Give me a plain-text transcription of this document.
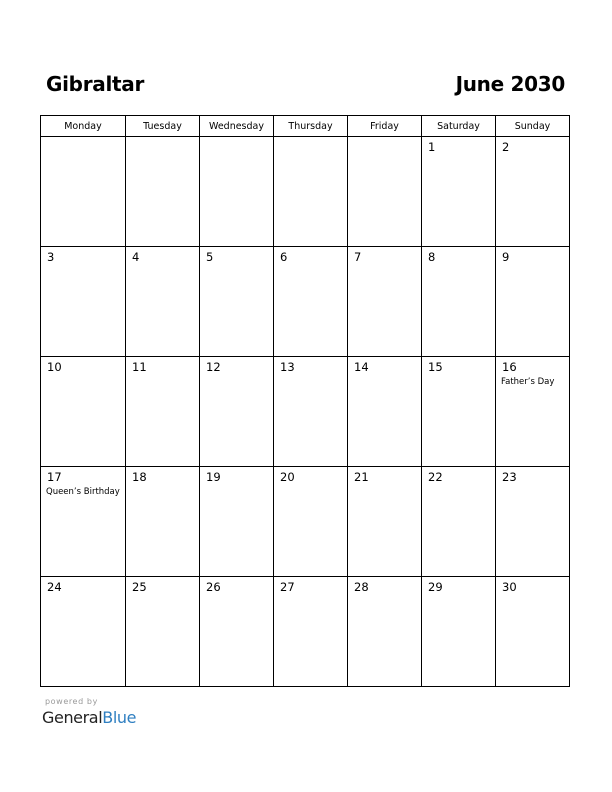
Gibraltar	June 2030
Monday	Tuesday	Wednesday	Thursday	Friday	Saturday	Sunday

					1	2

3	4	5	6	7	8	9

10	11	12	13	14	15	16
Father’s Day

17
Queen’s Birthday	18	19	20	21	22	23

24	25	26	27	28	29	30
powered by
GeneralBlue
